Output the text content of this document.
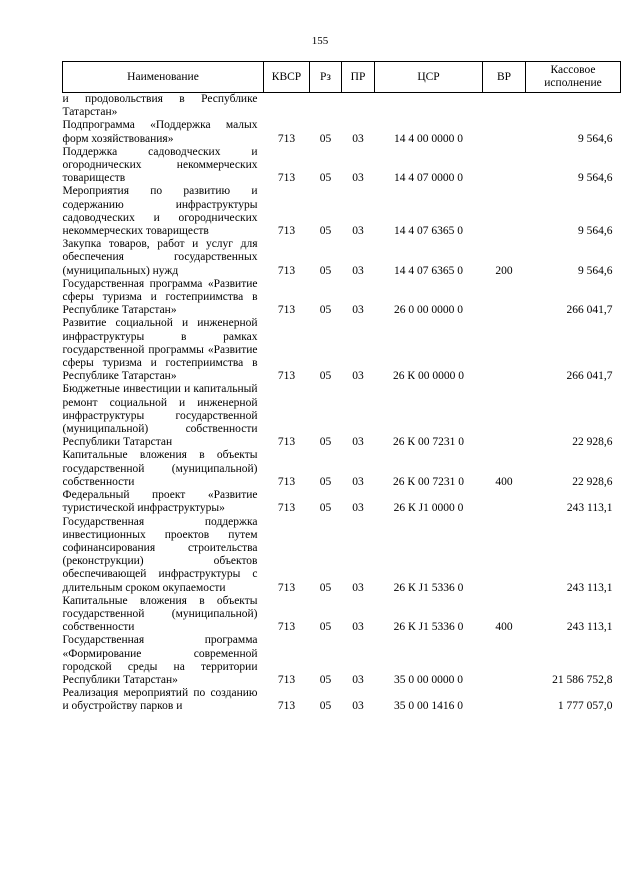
155
Наименование	КВСР	Рз	ПР	ЦСР	ВР	Кассовое исполнение
и продовольствия в Республике Татарстан»						
Подпрограмма «Поддержка малых форм хозяйствования»	713	05	03	14 4 00 0000 0		9 564,6
Поддержка садоводческих и огороднических некоммерческих товариществ	713	05	03	14 4 07 0000 0		9 564,6
Мероприятия по развитию и содержанию инфраструктуры садоводческих и огороднических некоммерческих товариществ	713	05	03	14 4 07 6365 0		9 564,6
Закупка товаров, работ и услуг для обеспечения государственных (муниципальных) нужд	713	05	03	14 4 07 6365 0	200	9 564,6
Государственная программа «Развитие сферы туризма и гостеприимства в Республике Татарстан»	713	05	03	26 0 00 0000 0		266 041,7
Развитие социальной и инженерной инфраструктуры в рамках государственной программы «Развитие сферы туризма и гостеприимства в Республике Татарстан»	713	05	03	26 К 00 0000 0		266 041,7
Бюджетные инвестиции и капитальный ремонт социальной и инженерной инфраструктуры государственной (муниципальной) собственности Республики Татарстан	713	05	03	26 К 00 7231 0		22 928,6
Капитальные вложения в объекты государственной (муниципальной) собственности	713	05	03	26 К 00 7231 0	400	22 928,6
Федеральный проект «Развитие туристической инфраструктуры»	713	05	03	26 К J1 0000 0		243 113,1
Государственная поддержка инвестиционных проектов путем софинансирования строительства (реконструкции) объектов обеспечивающей инфраструктуры с длительным сроком окупаемости	713	05	03	26 К J1 5336 0		243 113,1
Капитальные вложения в объекты государственной (муниципальной) собственности	713	05	03	26 К J1 5336 0	400	243 113,1
Государственная программа «Формирование современной городской среды на территории Республики Татарстан»	713	05	03	35 0 00 0000 0		21 586 752,8
Реализация мероприятий по созданию и обустройству парков и	713	05	03	35 0 00 1416 0		1 777 057,0
